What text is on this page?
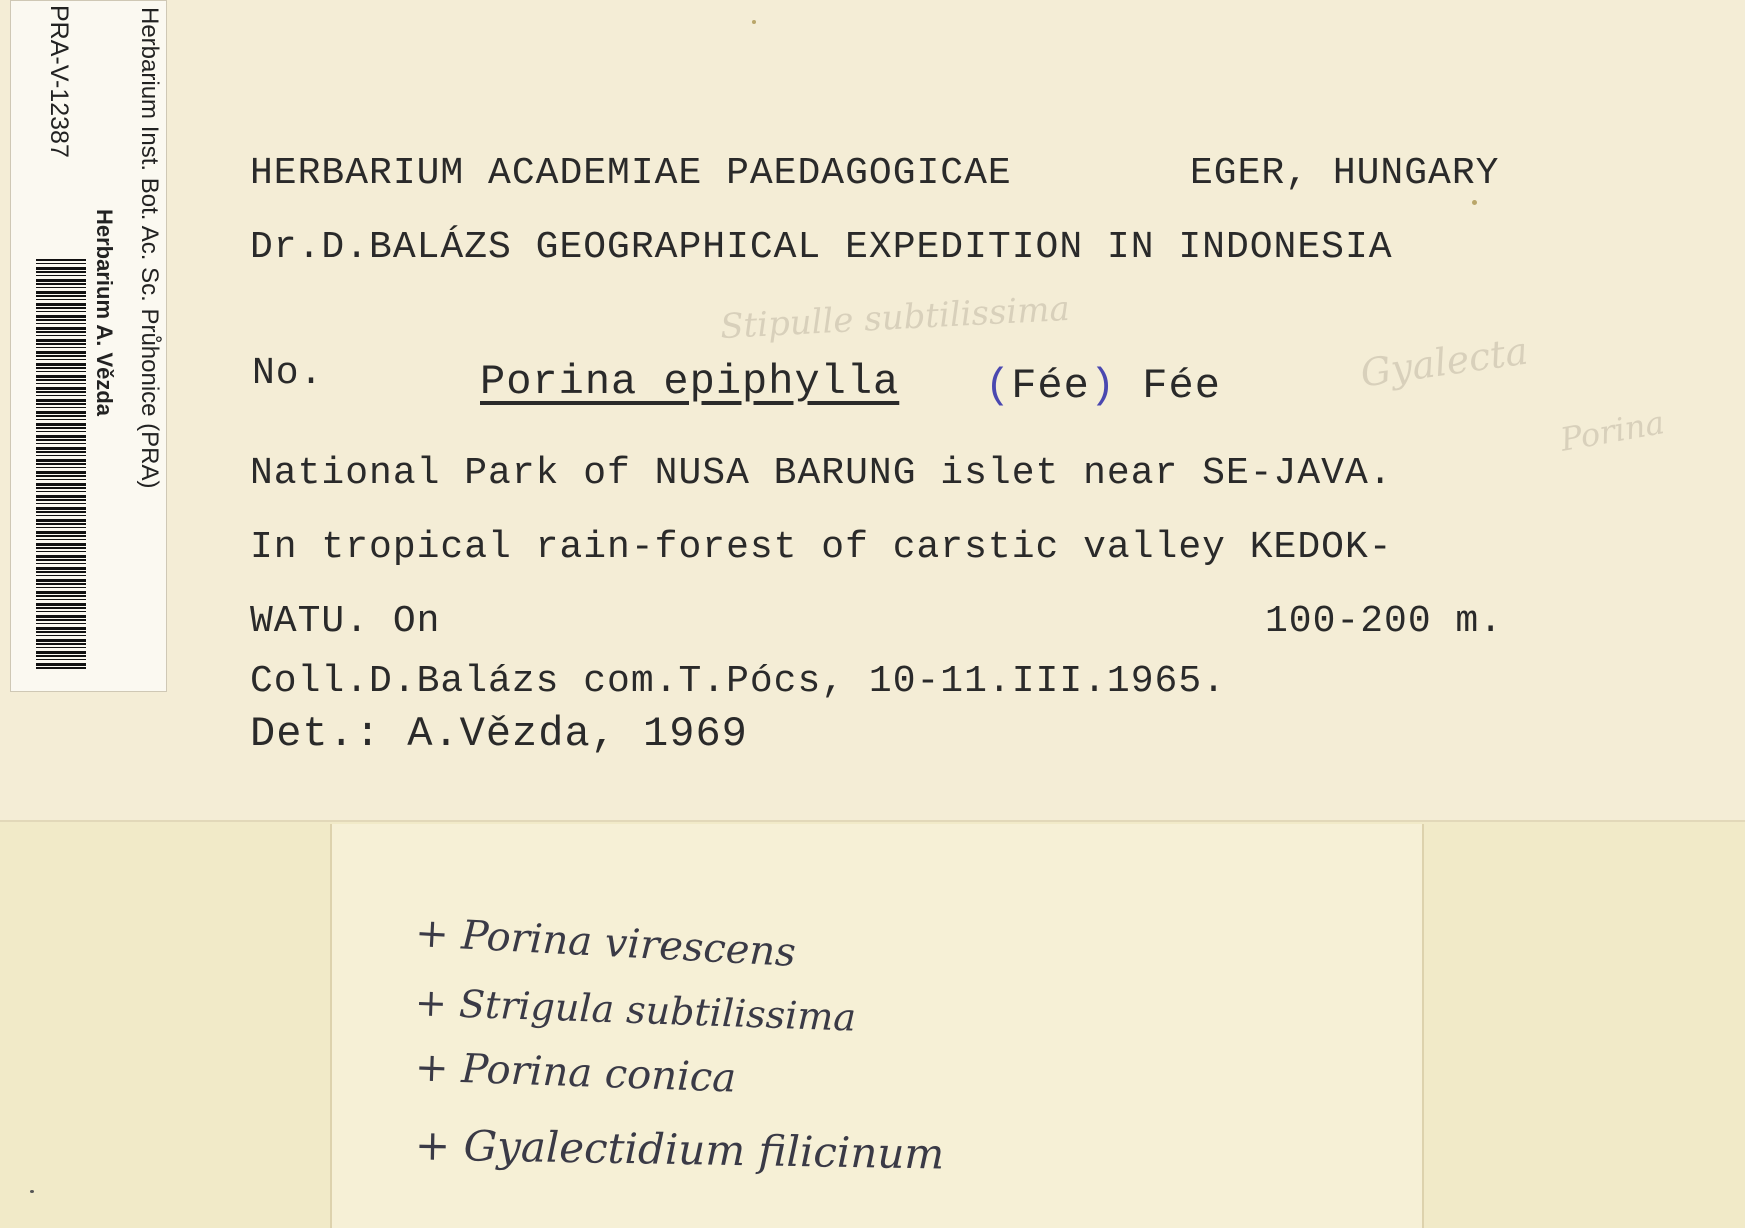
Herbarium Inst. Bot. Ac. Sc. Průhonice (PRA)
Herbarium A. Vězda
PRA-V-12387
HERBARIUM ACADEMIAE PAEDAGOGICAE	EGER, HUNGARY
Dr.D.BALÁZS GEOGRAPHICAL EXPEDITION IN INDONESIA
No.	Porina epiphylla (Fée) Fée
National Park of NUSA BARUNG islet near SE-JAVA.
In tropical rain-forest of carstic valley KEDOK-
WATU. On	100-200 m.
Coll.D.Balázs com.T.Pócs, 10-11.III.1965.
Det.: A.Vězda, 1969
Stipulle subtilissima
Gyalecta
Porina
+ Porina virescens
+ Strigula subtilissima
+ Porina conica
+ Gyalectidium filicinum
